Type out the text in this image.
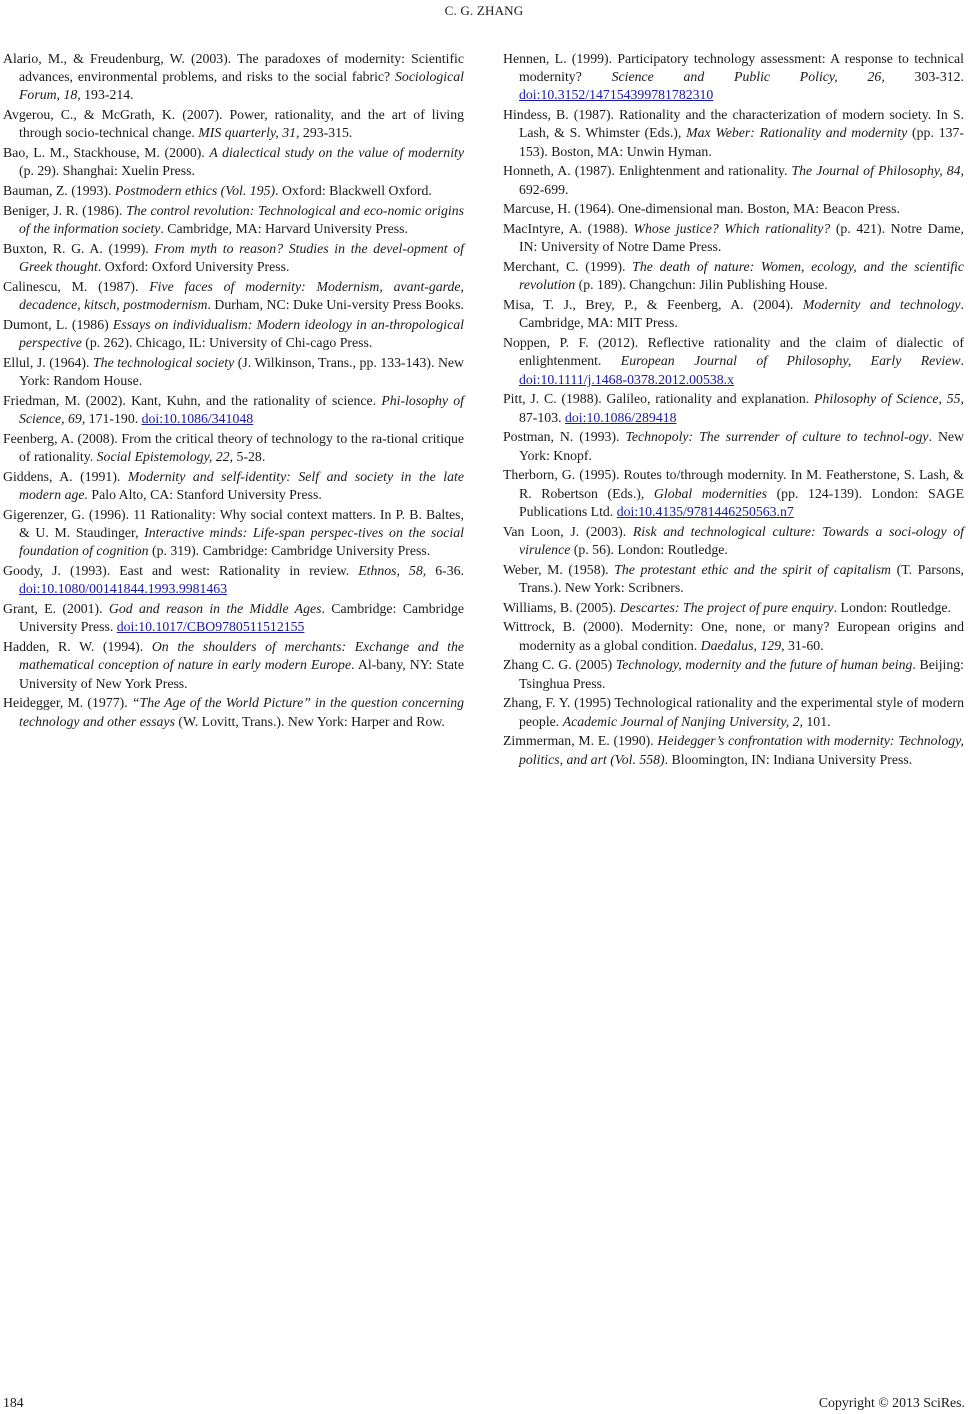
C. G. ZHANG

Alario, M., & Freudenburg, W. (2003). The paradoxes of modernity: Scientific advances, environmental problems, and risks to the social fabric? Sociological Forum, 18, 193-214.

Avgerou, C., & McGrath, K. (2007). Power, rationality, and the art of living through socio-technical change. MIS quarterly, 31, 293-315.

Bao, L. M., Stackhouse, M. (2000). A dialectical study on the value of modernity (p. 29). Shanghai: Xuelin Press.

Bauman, Z. (1993). Postmodern ethics (Vol. 195). Oxford: Blackwell Oxford.

Beniger, J. R. (1986). The control revolution: Technological and eco-nomic origins of the information society. Cambridge, MA: Harvard University Press.

Buxton, R. G. A. (1999). From myth to reason? Studies in the devel-opment of Greek thought. Oxford: Oxford University Press.

Calinescu, M. (1987). Five faces of modernity: Modernism, avant-garde, decadence, kitsch, postmodernism. Durham, NC: Duke Uni-versity Press Books.

Dumont, L. (1986) Essays on individualism: Modern ideology in an-thropological perspective (p. 262). Chicago, IL: University of Chi-cago Press.

Ellul, J. (1964). The technological society (J. Wilkinson, Trans., pp. 133-143). New York: Random House.

Friedman, M. (2002). Kant, Kuhn, and the rationality of science. Phi-losophy of Science, 69, 171-190. doi:10.1086/341048

Feenberg, A. (2008). From the critical theory of technology to the ra-tional critique of rationality. Social Epistemology, 22, 5-28.

Giddens, A. (1991). Modernity and self-identity: Self and society in the late modern age. Palo Alto, CA: Stanford University Press.

Gigerenzer, G. (1996). 11 Rationality: Why social context matters. In P. B. Baltes, & U. M. Staudinger, Interactive minds: Life-span perspec-tives on the social foundation of cognition (p. 319). Cambridge: Cambridge University Press.

Goody, J. (1993). East and west: Rationality in review. Ethnos, 58, 6-36. doi:10.1080/00141844.1993.9981463

Grant, E. (2001). God and reason in the Middle Ages. Cambridge: Cambridge University Press. doi:10.1017/CBO9780511512155

Hadden, R. W. (1994). On the shoulders of merchants: Exchange and the mathematical conception of nature in early modern Europe. Al-bany, NY: State University of New York Press.

Heidegger, M. (1977). “The Age of the World Picture” in the question concerning technology and other essays (W. Lovitt, Trans.). New York: Harper and Row.

Hennen, L. (1999). Participatory technology assessment: A response to technical modernity? Science and Public Policy, 26, 303-312. doi:10.3152/147154399781782310

Hindess, B. (1987). Rationality and the characterization of modern society. In S. Lash, & S. Whimster (Eds.), Max Weber: Rationality and modernity (pp. 137-153). Boston, MA: Unwin Hyman.

Honneth, A. (1987). Enlightenment and rationality. The Journal of Philosophy, 84, 692-699.

Marcuse, H. (1964). One-dimensional man. Boston, MA: Beacon Press.

MacIntyre, A. (1988). Whose justice? Which rationality? (p. 421). Notre Dame, IN: University of Notre Dame Press.

Merchant, C. (1999). The death of nature: Women, ecology, and the scientific revolution (p. 189). Changchun: Jilin Publishing House.

Misa, T. J., Brey, P., & Feenberg, A. (2004). Modernity and technology. Cambridge, MA: MIT Press.

Noppen, P. F. (2012). Reflective rationality and the claim of dialectic of enlightenment. European Journal of Philosophy, Early Review. doi:10.1111/j.1468-0378.2012.00538.x

Pitt, J. C. (1988). Galileo, rationality and explanation. Philosophy of Science, 55, 87-103. doi:10.1086/289418

Postman, N. (1993). Technopoly: The surrender of culture to technol-ogy. New York: Knopf.

Therborn, G. (1995). Routes to/through modernity. In M. Featherstone, S. Lash, & R. Robertson (Eds.), Global modernities (pp. 124-139). London: SAGE Publications Ltd. doi:10.4135/9781446250563.n7

Van Loon, J. (2003). Risk and technological culture: Towards a soci-ology of virulence (p. 56). London: Routledge.

Weber, M. (1958). The protestant ethic and the spirit of capitalism (T. Parsons, Trans.). New York: Scribners.

Williams, B. (2005). Descartes: The project of pure enquiry. London: Routledge.

Wittrock, B. (2000). Modernity: One, none, or many? European origins and modernity as a global condition. Daedalus, 129, 31-60.

Zhang C. G. (2005) Technology, modernity and the future of human being. Beijing: Tsinghua Press.

Zhang, F. Y. (1995) Technological rationality and the experimental style of modern people. Academic Journal of Nanjing University, 2, 101.

Zimmerman, M. E. (1990). Heidegger’s confrontation with modernity: Technology, politics, and art (Vol. 558). Bloomington, IN: Indiana University Press.

184	Copyright © 2013 SciRes.
